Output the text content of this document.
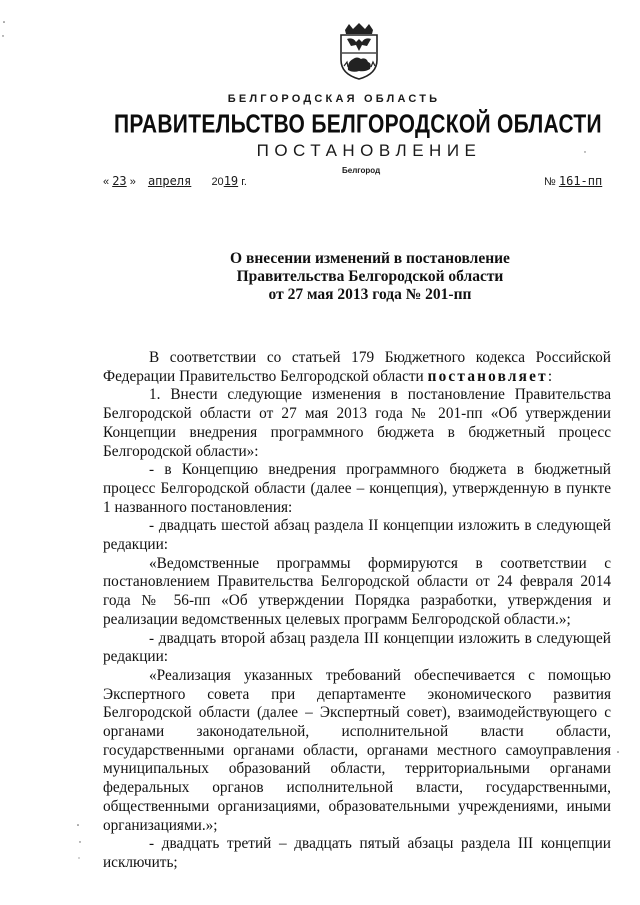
БЕЛГОРОДСКАЯ ОБЛАСТЬ
ПРАВИТЕЛЬСТВО БЕЛГОРОДСКОЙ ОБЛАСТИ
ПОСТАНОВЛЕНИЕ
Белгород
« 23 » апреля 2019 г.	№ 161-пп
О внесении изменений в постановление
Правительства Белгородской области
от 27 мая 2013 года № 201-пп

В соответствии со статьей 179 Бюджетного кодекса Российской Федерации Правительство Белгородской области постановляет:

1. Внести следующие изменения в постановление Правительства Белгородской области от 27 мая 2013 года № 201-пп «Об утверждении Концепции внедрения программного бюджета в бюджетный процесс Белгородской области»:

- в Концепцию внедрения программного бюджета в бюджетный процесс Белгородской области (далее – концепция), утвержденную в пункте 1 названного постановления:

- двадцать шестой абзац раздела II концепции изложить в следующей редакции:

«Ведомственные программы формируются в соответствии с постановлением Правительства Белгородской области от 24 февраля 2014 года № 56-пп «Об утверждении Порядка разработки, утверждения и реализации ведомственных целевых программ Белгородской области.»;

- двадцать второй абзац раздела III концепции изложить в следующей редакции:

«Реализация указанных требований обеспечивается с помощью Экспертного совета при департаменте экономического развития Белгородской области (далее – Экспертный совет), взаимодействующего с органами законодательной, исполнительной власти области, государственными органами области, органами местного самоуправления муниципальных образований области, территориальными органами федеральных органов исполнительной власти, государственными, общественными организациями, образовательными учреждениями, иными организациями.»;

- двадцать третий – двадцать пятый абзацы раздела III концепции исключить;
